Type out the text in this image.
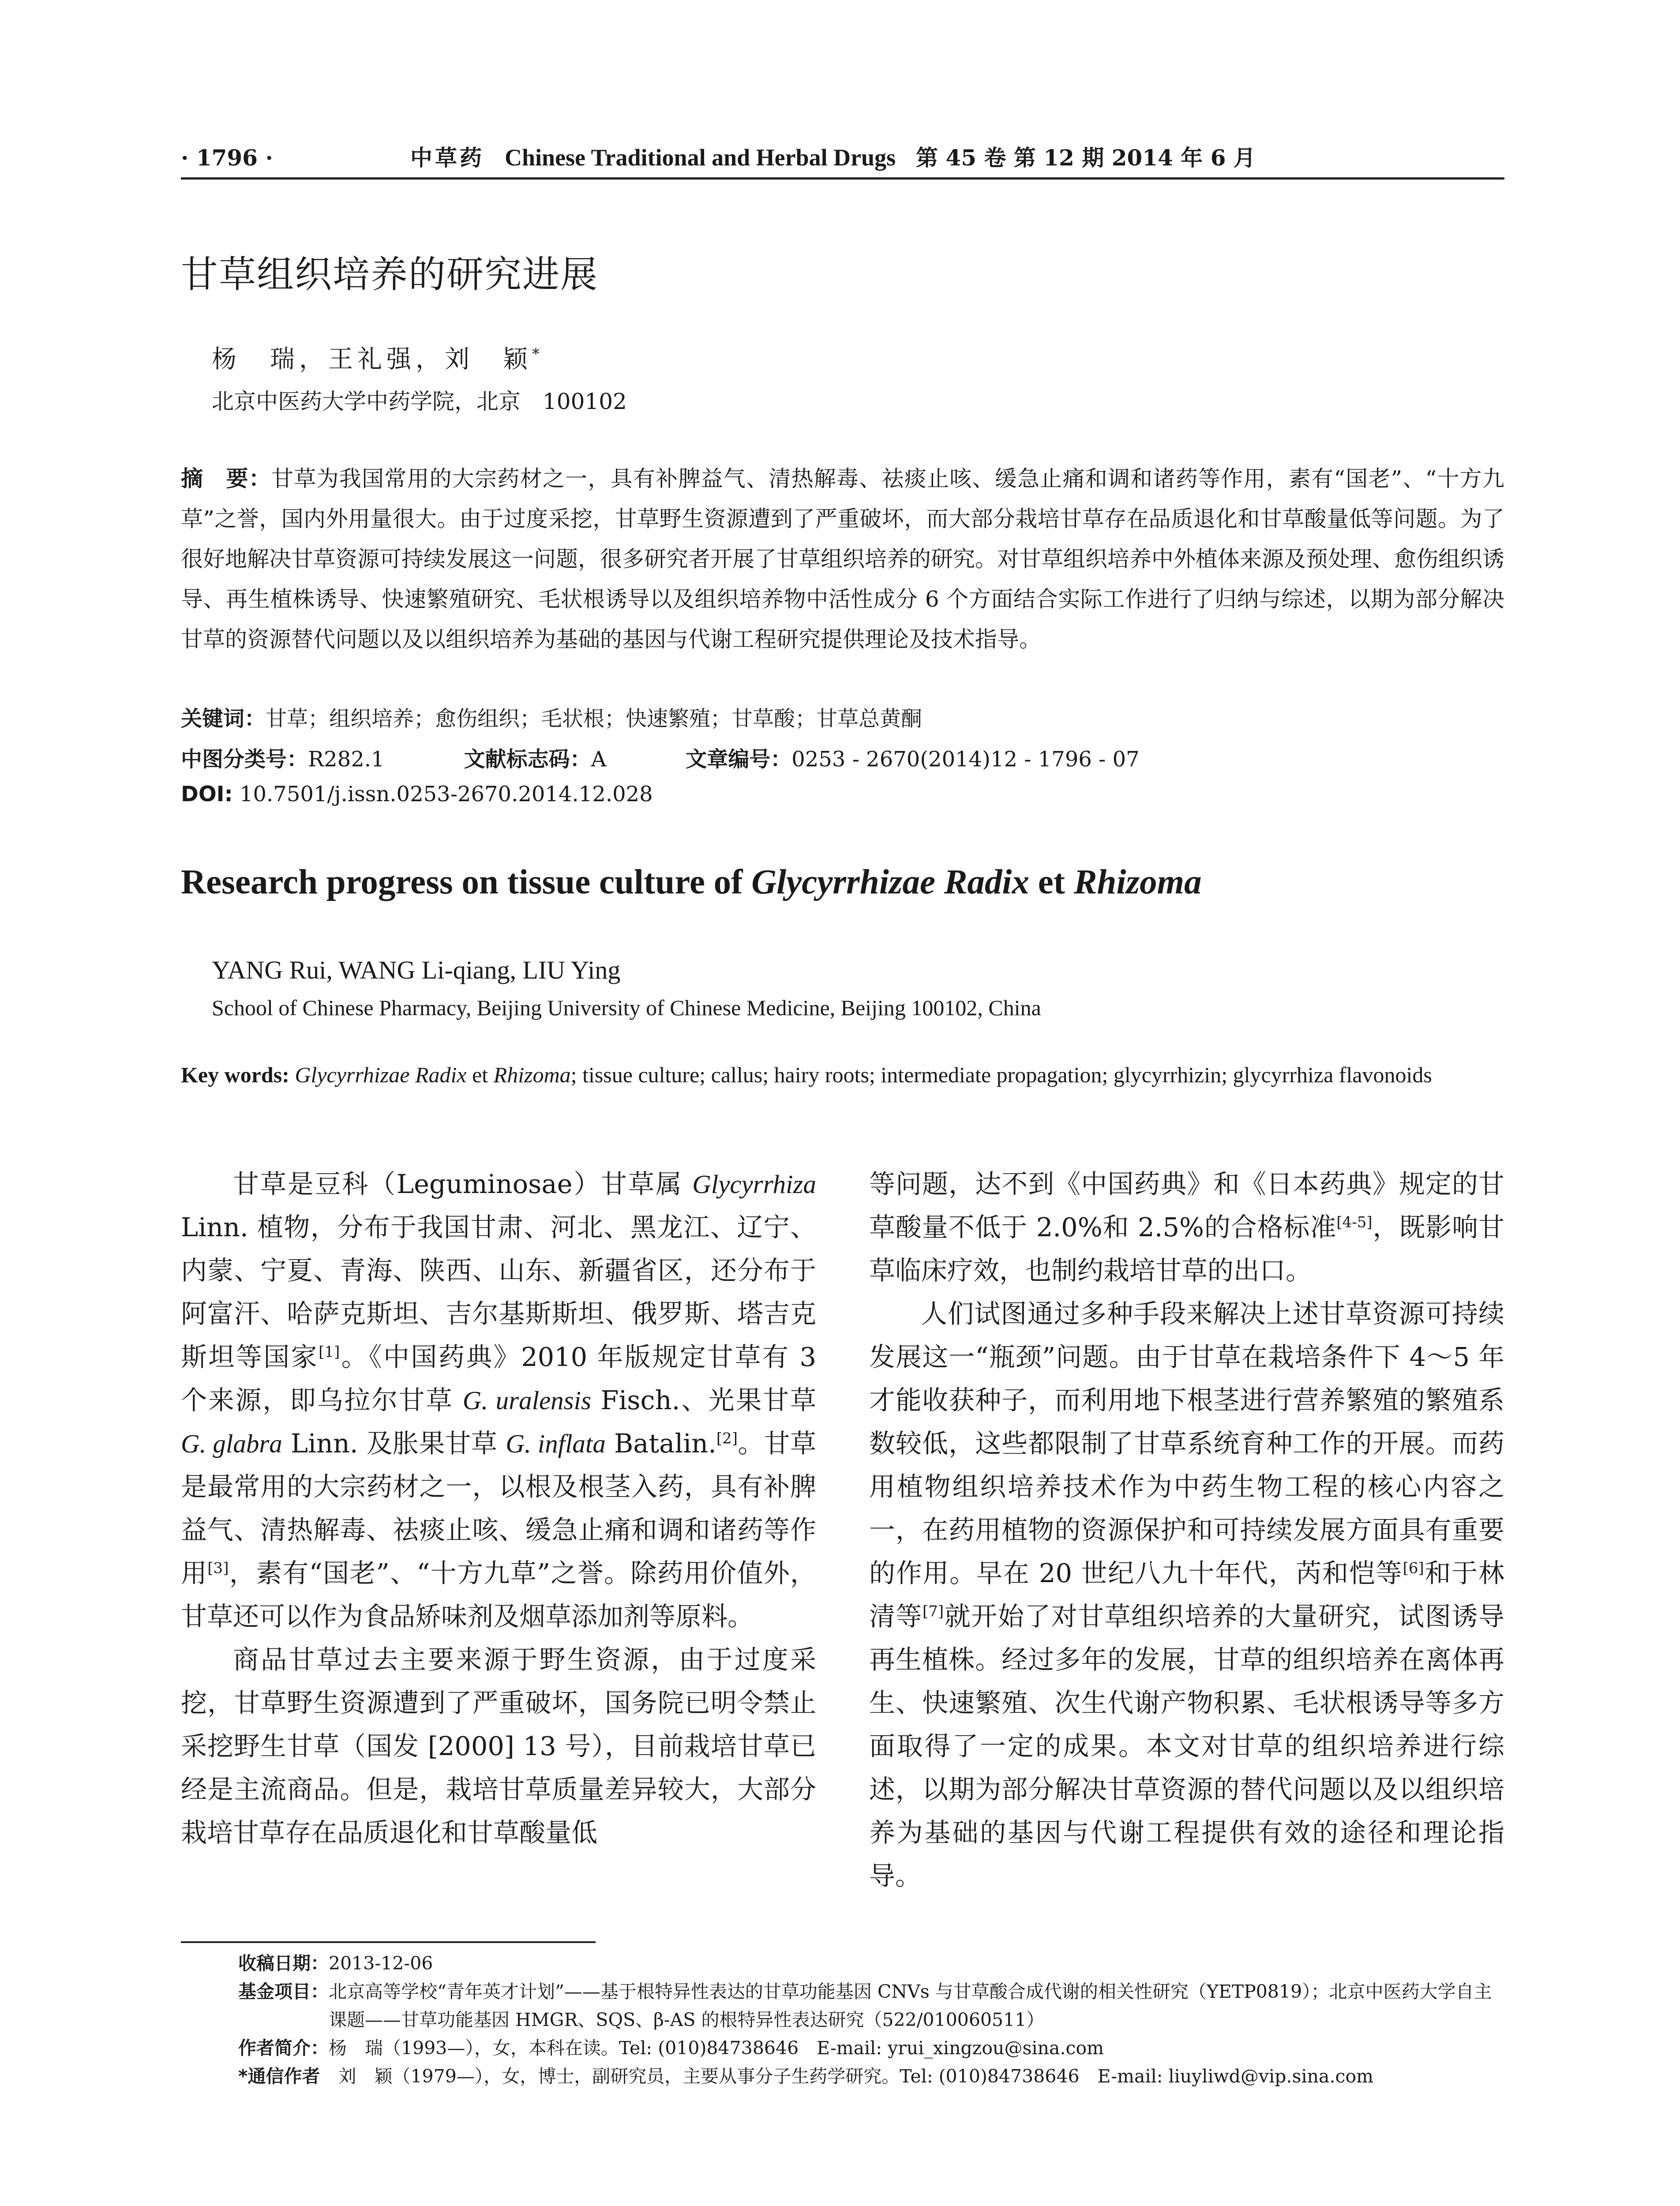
· 1796 ·	中草药 Chinese Traditional and Herbal Drugs 第 45 卷 第 12 期 2014 年 6 月
甘草组织培养的研究进展
杨　瑞，王礼强，刘　颖*
北京中医药大学中药学院，北京　100102
摘　要：甘草为我国常用的大宗药材之一，具有补脾益气、清热解毒、祛痰止咳、缓急止痛和调和诸药等作用，素有“国老”、“十方九草”之誉，国内外用量很大。由于过度采挖，甘草野生资源遭到了严重破坏，而大部分栽培甘草存在品质退化和甘草酸量低等问题。为了很好地解决甘草资源可持续发展这一问题，很多研究者开展了甘草组织培养的研究。对甘草组织培养中外植体来源及预处理、愈伤组织诱导、再生植株诱导、快速繁殖研究、毛状根诱导以及组织培养物中活性成分 6 个方面结合实际工作进行了归纳与综述，以期为部分解决甘草的资源替代问题以及以组织培养为基础的基因与代谢工程研究提供理论及技术指导。
关键词：甘草；组织培养；愈伤组织；毛状根；快速繁殖；甘草酸；甘草总黄酮
中图分类号：R282.1	文献标志码：A	文章编号：0253 - 2670(2014)12 - 1796 - 07
DOI: 10.7501/j.issn.0253-2670.2014.12.028
Research progress on tissue culture of Glycyrrhizae Radix et Rhizoma
YANG Rui, WANG Li-qiang, LIU Ying
School of Chinese Pharmacy, Beijing University of Chinese Medicine, Beijing 100102, China
Key words: Glycyrrhizae Radix et Rhizoma; tissue culture; callus; hairy roots; intermediate propagation; glycyrrhizin; glycyrrhiza flavonoids

甘草是豆科（Leguminosae）甘草属 Glycyrrhiza Linn. 植物，分布于我国甘肃、河北、黑龙江、辽宁、内蒙、宁夏、青海、陕西、山东、新疆省区，还分布于阿富汗、哈萨克斯坦、吉尔基斯斯坦、俄罗斯、塔吉克斯坦等国家[1]。《中国药典》2010 年版规定甘草有 3 个来源，即乌拉尔甘草 G. uralensis Fisch.、光果甘草 G. glabra Linn. 及胀果甘草 G. inflata Batalin.[2]。甘草是最常用的大宗药材之一，以根及根茎入药，具有补脾益气、清热解毒、祛痰止咳、缓急止痛和调和诸药等作用[3]，素有“国老”、“十方九草”之誉。除药用价值外，甘草还可以作为食品矫味剂及烟草添加剂等原料。

商品甘草过去主要来源于野生资源，由于过度采挖，甘草野生资源遭到了严重破坏，国务院已明令禁止采挖野生甘草（国发 [2000] 13 号），目前栽培甘草已经是主流商品。但是，栽培甘草质量差异较大，大部分栽培甘草存在品质退化和甘草酸量低

等问题，达不到《中国药典》和《日本药典》规定的甘草酸量不低于 2.0%和 2.5%的合格标准[4-5]，既影响甘草临床疗效，也制约栽培甘草的出口。

人们试图通过多种手段来解决上述甘草资源可持续发展这一“瓶颈”问题。由于甘草在栽培条件下 4～5 年才能收获种子，而利用地下根茎进行营养繁殖的繁殖系数较低，这些都限制了甘草系统育种工作的开展。而药用植物组织培养技术作为中药生物工程的核心内容之一，在药用植物的资源保护和可持续发展方面具有重要的作用。早在 20 世纪八九十年代，芮和恺等[6]和于林清等[7]就开始了对甘草组织培养的大量研究，试图诱导再生植株。经过多年的发展，甘草的组织培养在离体再生、快速繁殖、次生代谢产物积累、毛状根诱导等多方面取得了一定的成果。本文对甘草的组织培养进行综述，以期为部分解决甘草资源的替代问题以及以组织培养为基础的基因与代谢工程提供有效的途径和理论指导。

收稿日期： 2013-12-06
基金项目： 北京高等学校“青年英才计划”——基于根特异性表达的甘草功能基因 CNVs 与甘草酸合成代谢的相关性研究（YETP0819）；北京中医药大学自主课题——甘草功能基因 HMGR、SQS、β-AS 的根特异性表达研究（522/010060511）
作者简介： 杨　瑞（1993—），女，本科在读。Tel: (010)84738646　E-mail: yrui_xingzou@sina.com
*通信作者　 刘　颖（1979—），女，博士，副研究员，主要从事分子生药学研究。Tel: (010)84738646　E-mail: liuyliwd@vip.sina.com
